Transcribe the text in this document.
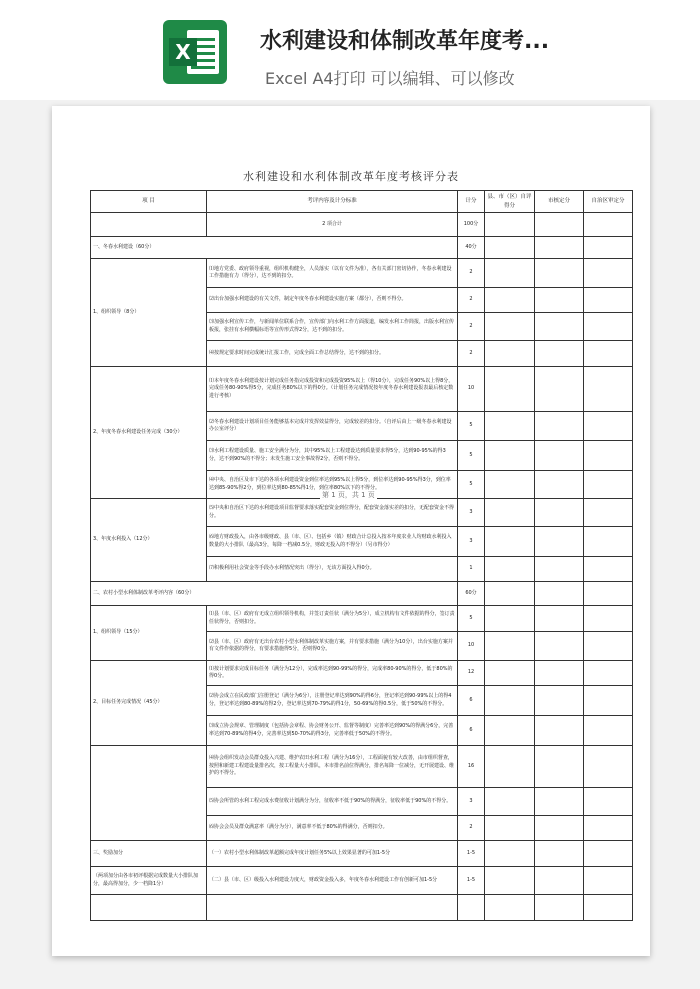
X	水利建设和体制改革年度考...
Excel A4打印 可以编辑、可以修改
水利建设和水利体制改革年度考核评分表
项 目	考评内容及计分标准	计分	县、市（区）自评得分	市核定分	自治区审定分
	2 项合计	100分			
一、冬春水利建设（60分）		40分			
1、组织领导（8分）	⑴地方党委、政府领导重视，组织机构健全，人员落实（以有文件为准），各有关部门密切协作，冬春水利建设工作措施有力（得分），达不到的扣分。	2			
	⑵出台加强水利建设的有关文件，制定年度冬春水利建设实施方案（都分），否则不得分。	2			
	⑶加强水利宣传工作，与新闻单位联系合作，宣传部门向水利工作方面报道，编发水利工作简报，出版水利宣传板报，张挂有水利横幅标语等宣传形式得2分，达不到的扣分。	2			
	⑷按规定要求时间完成统计汇报工作，完成全面工作总结得分，达不到的扣分。	2			
2、年度冬春水利建设任务完成（30分）	⑴本年度冬春水利建设按计划完成任务指完成投资和完成投资95%以上（得10分），完成任务90%以上得8分，完成任务80-90%得5分，完成任务80%以下的得0分。（计划任务完成情况按年度冬春水利建设报表最后核定数进行考核）	10			
	⑵冬春水利建设计划项目任务能够基本完成并发挥效益得分，完成较差的扣分。（自评后由上一级冬春水利建设办公室评分）	5			
	⑶水利工程建设质量、施工安全满分为分，其中95%以上工程建设达到质量要求得5分，达到90-95%的得3分，达不到90%的不得分；未发生施工安全事故得2分，否则不得分。	5			
	⑷中央、自治区及市下达的各项水利建设资金到位率达到95%以上得5分，到位率达到90-95%得3分，到位率达到85-90%得2分，到位率达到80-85%得1分，到位率80%以下的不得分。	5			
3、年度水利投入（12分）	⑸中央和自治区下达的水利建设项目监督要求落实配套资金到位得分，配套资金落实差的扣分，无配套资金不得分。	3			
	⑹地方财政投入，由各市级财政、县（市、区）、包括乡（镇）财政合计总投入按本年度农业人均财政水利投入数量的大小排队（最高3分，每降一档减0.5分，财政无投入的不得分）（另市得分）	3			
	⑺积极利用社会资金等手段办水利情况突出（得分），无该方面投入得0分。	1			
二、农村小型水利体制改革考评内容（60分）		60分			
1、组织领导（15分）	⑴县（市、区）政府有无成立组织领导机构，并签订责任状（满分为5分），成立机构有文件依据的得分，签订责任状得分，否则扣分。	5			
	⑵县（市、区）政府有无出台农村小型水利体制改革实施方案，并有要求措施（满分为10分），出台实施方案并有文件作依据的得分，有要求措施得5分，否则得0分。	10			
2、目标任务完成情况（45分）	⑴按计划要求完成目标任务（满分为12分），完成率达到90-99%的得分，完成率80-90%的得分，低于80%的得0分。	12			
	⑵协会成立在民政部门注册登记（满分为6分），注册登记率达到90%的得6分，登记率达到90-99%以上的得4分，登记率达到80-89%的得2分，登记率达到70-79%的得1分，50-69%的得0.5分，低于50%的不得分。	6			
	⑶成立协会规章、管理制度（包括协会章程、协会财务公开、监督等制度）完善率达到90%的得满分6分，完善率达到70-89%的得4分，完善率达到50-70%的得3分，完善率低于50%的不得分。	6			
	⑷协会组织发动会员群众投入兴建、维护农田水利工程（满分为16分），工程面貌有较大改善，由市组织督查，按照和新建工程建设量排名次，按工程量大小排队，本市排名前位得满分，排名每降一位减分，无开展建设、维护的不得分。	16			
	⑸协会所管的水利工程完成水费征收计划满分为分，征收率不低于90%的得满分，征收率低于90%的不得分。	3			
	⑹协会会员及群众满意率（满分为分），满意率不低于80%的得满分，否则扣分。	2			
三、奖励加分	（一）农村小型水利体制改革超额完成年度计划任务5%以上效果显著的可加1-5分	1-5			
（两项加分由各市初评根据完成数量大小排队加分，最高得加分，少一档降1分）	（二）县（市、区）级投入水利建设力度大，财政资金投入多，年度冬春水利建设工作有创新可加1-5分	1-5			

第 1 页，共 1 页
